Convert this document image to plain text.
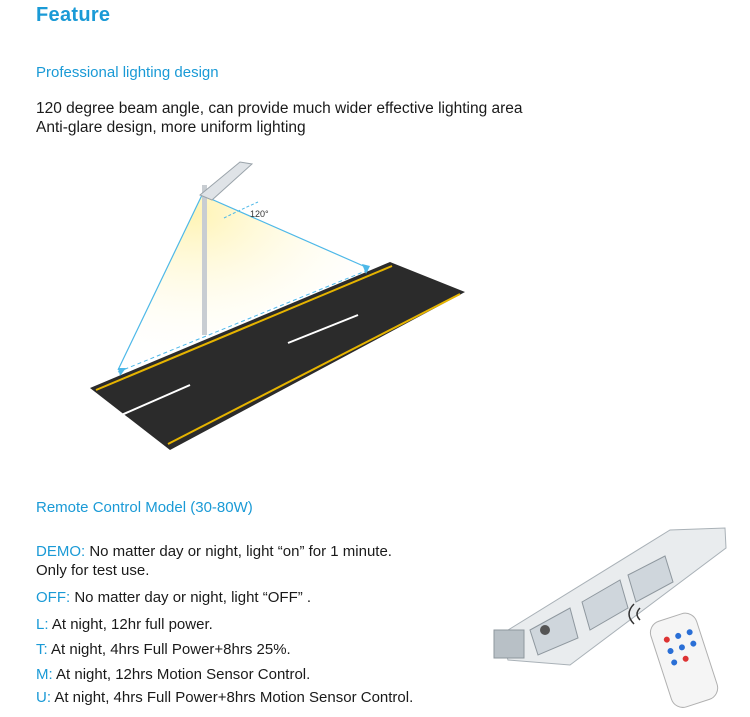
Feature
Professional lighting design
120 degree beam angle, can provide much wider effective lighting area
Anti-glare design, more uniform lighting
120°
Remote Control Model (30-80W)
DEMO: No matter day or night, light “on” for 1 minute.
Only for test use.
OFF: No matter day or night, light “OFF” .
L: At night, 12hr full power.
T: At night, 4hrs Full Power+8hrs 25%.
M: At night, 12hrs Motion Sensor Control.
U: At night, 4hrs Full Power+8hrs Motion Sensor Control.
